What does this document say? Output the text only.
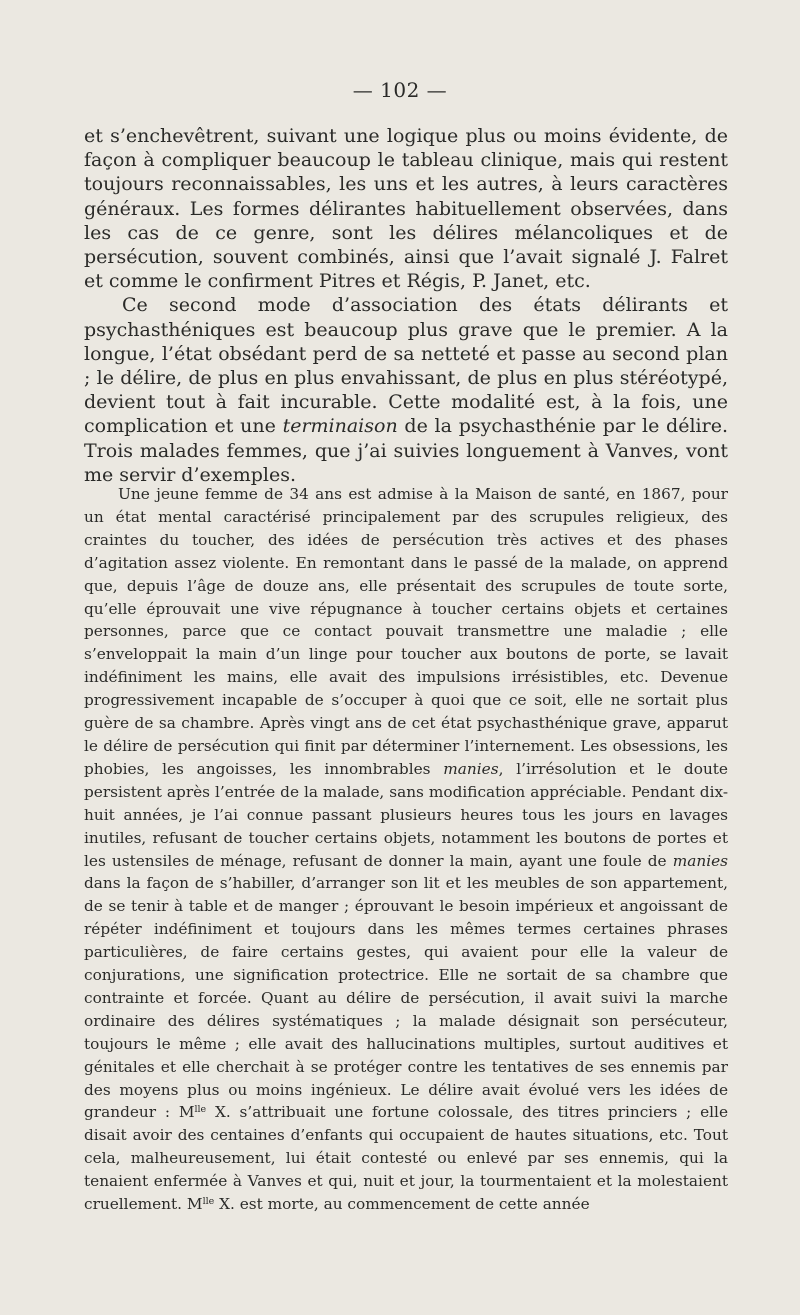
— 102 —

et s’enchevêtrent, suivant une logique plus ou moins évidente, de façon à compliquer beaucoup le tableau clinique, mais qui restent toujours reconnaissables, les uns et les autres, à leurs caractères généraux. Les formes délirantes habituellement observées, dans les cas de ce genre, sont les délires mélancoliques et de persécution, souvent combinés, ainsi que l’avait signalé J. Falret et comme le confirment Pitres et Régis, P. Janet, etc.

Ce second mode d’association des états délirants et psychasthéniques est beaucoup plus grave que le premier. A la longue, l’état obsédant perd de sa netteté et passe au second plan ; le délire, de plus en plus envahissant, de plus en plus stéréotypé, devient tout à fait incurable. Cette modalité est, à la fois, une complication et une terminaison de la psychasthénie par le délire. Trois malades femmes, que j’ai suivies longuement à Vanves, vont me servir d’exemples.

Une jeune femme de 34 ans est admise à la Maison de santé, en 1867, pour un état mental caractérisé principalement par des scrupules religieux, des craintes du toucher, des idées de persécution très actives et des phases d’agitation assez violente. En remontant dans le passé de la malade, on apprend que, depuis l’âge de douze ans, elle présentait des scrupules de toute sorte, qu’elle éprouvait une vive répugnance à toucher certains objets et certaines personnes, parce que ce contact pouvait transmettre une maladie ; elle s’enveloppait la main d’un linge pour toucher aux boutons de porte, se lavait indéfiniment les mains, elle avait des impulsions irrésistibles, etc. Devenue progressivement incapable de s’occuper à quoi que ce soit, elle ne sortait plus guère de sa chambre. Après vingt ans de cet état psychasthénique grave, apparut le délire de persécution qui finit par déterminer l’internement. Les obsessions, les phobies, les angoisses, les innombrables manies, l’irrésolution et le doute persistent après l’entrée de la malade, sans modification appréciable. Pendant dix-huit années, je l’ai connue passant plusieurs heures tous les jours en lavages inutiles, refusant de toucher certains objets, notamment les boutons de portes et les ustensiles de ménage, refusant de donner la main, ayant une foule de manies dans la façon de s’habiller, d’arranger son lit et les meubles de son appartement, de se tenir à table et de manger ; éprouvant le besoin impérieux et angoissant de répéter indéfiniment et toujours dans les mêmes termes certaines phrases particulières, de faire certains gestes, qui avaient pour elle la valeur de conjurations, une signification protectrice. Elle ne sortait de sa chambre que contrainte et forcée. Quant au délire de persécution, il avait suivi la marche ordinaire des délires systématiques ; la malade désignait son persécuteur, toujours le même ; elle avait des hallucinations multiples, surtout auditives et génitales et elle cherchait à se protéger contre les tentatives de ses ennemis par des moyens plus ou moins ingénieux. Le délire avait évolué vers les idées de grandeur : $M^{lle}$ X. s’attribuait une fortune colossale, des titres princiers ; elle disait avoir des centaines d’enfants qui occupaient de hautes situations, etc. Tout cela, malheureusement, lui était contesté ou enlevé par ses ennemis, qui la tenaient enfermée à Vanves et qui, nuit et jour, la tourmentaient et la molestaient cruellement. $M^{lle}$ X. est morte, au commencement de cette année
